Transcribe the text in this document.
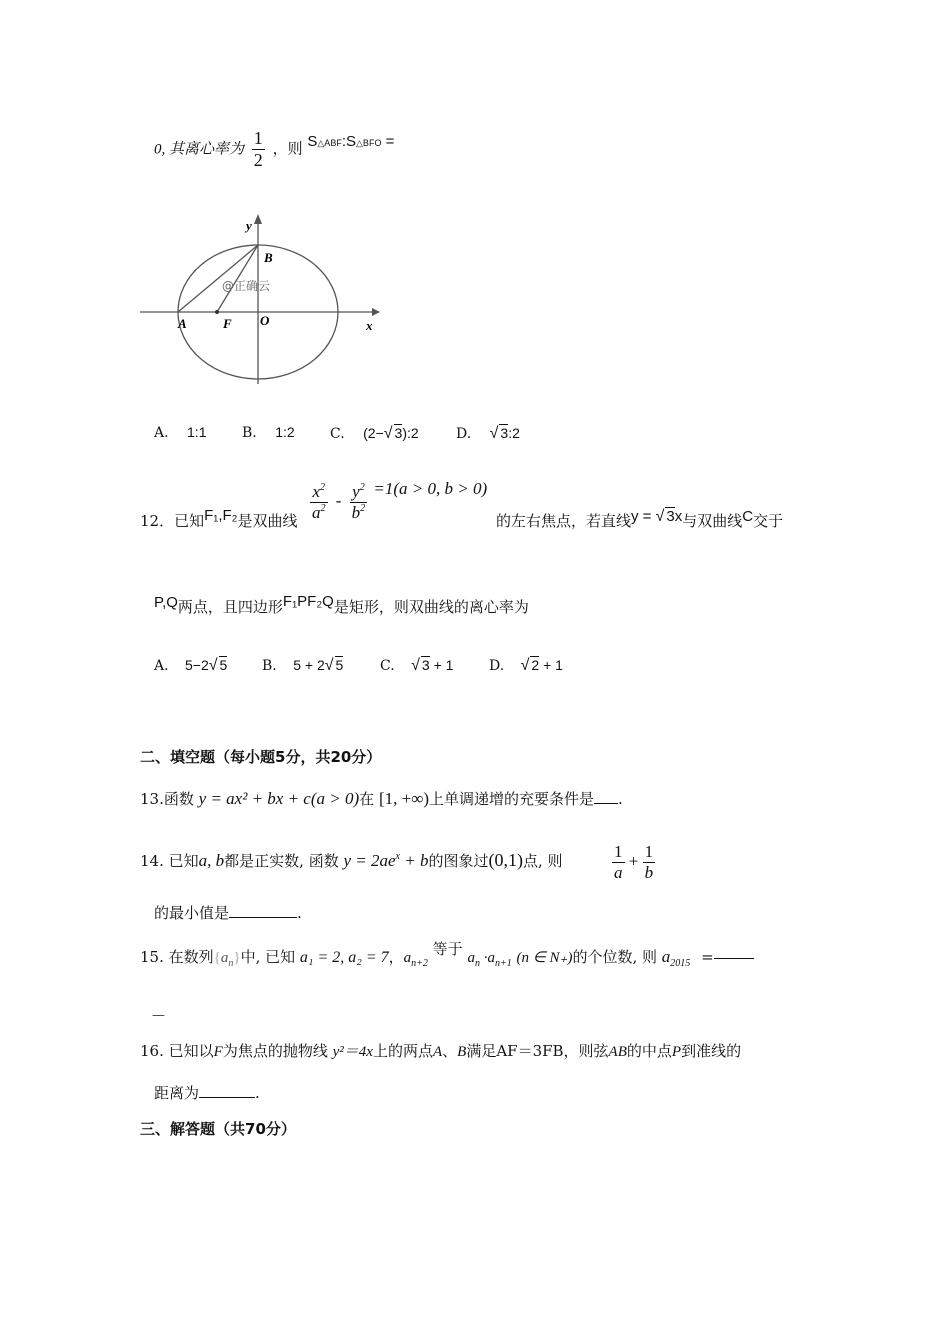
0, 其离心率为 $\frac{1}{2}$ ，则 S△ABF:S△BFO =
y
x
B
A	F O
@正确云
A. 1:1	B. 1:2	C. (2−√ 3):2	D. √ 3:2
12．已知F₁,F₂是双曲线 $\frac{x^2}{a^2} - \frac{y^2}{b^2} =1(a > 0$, b > 0)
的左右焦点，若直线y = √ 3x与双曲线C交于
P,Q两点，且四边形F₁PF₂Q是矩形，则双曲线的离心率为
A. 5−2√ 5 B. 5 + 2√ 5	C. √ 3 + 1	D. √ 2 + 1
二、填空题（每小题5分，共20分）
13.函数 y = ax² + bx + c(a > 0)在 [1, +∞)上单调递增的充要条件是 .
14. 已知a, b都是正实数, 函数 $y = 2ae^x + b$的图象过(0,1)点, 则	$\frac{1}{a} + \frac{1}{b}$
的最小值是	.
15. 在数列$\{a_n\}$中, 已知 a₁ = 2, a₂ = 7，$a_{n+2}$ 等于 $a_n \cdot a_{n+1}$ (n ∈ N₊)的个位数, 则 $a_{2015}$ =
—
16. 已知以F为焦点的抛物线 y²＝4x上的两点A、B满足AF＝3FB，则弦AB的中点P到准线的
距离为	.
三、解答题（共70分）
